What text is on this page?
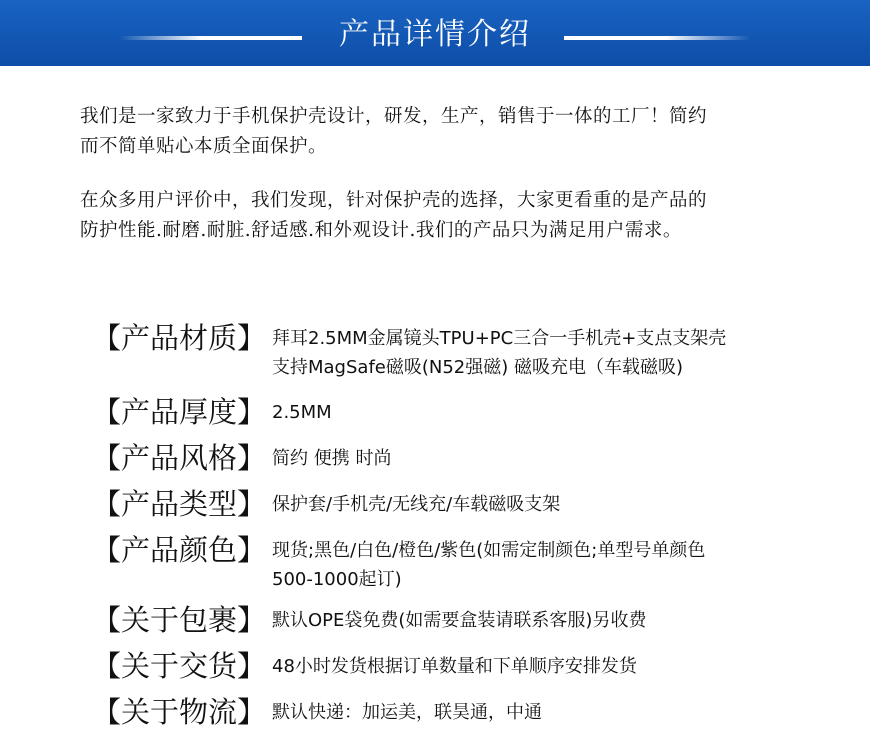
产品详情介绍
我们是一家致力于手机保护壳设计，研发，生产，销售于一体的工厂！简约
而不简单贴心本质全面保护。
在众多用户评价中，我们发现，针对保护壳的选择，大家更看重的是产品的
防护性能.耐磨.耐脏.舒适感.和外观设计.我们的产品只为满足用户需求。
【产品材质】 拜耳2.5MM金属镜头TPU+PC三合一手机壳+支点支架壳
支持MagSafe磁吸(N52强磁) 磁吸充电（车载磁吸)
【产品厚度】 2.5MM
【产品风格】 简约 便携 时尚
【产品类型】 保护套/手机壳/无线充/车载磁吸支架
【产品颜色】 现货;黑色/白色/橙色/紫色(如需定制颜色;单型号单颜色
500-1000起订)
【关于包裹】 默认OPE袋免费(如需要盒装请联系客服)另收费
【关于交货】 48小时发货根据订单数量和下单顺序安排发货
【关于物流】 默认快递：加运美，联昊通，中通
